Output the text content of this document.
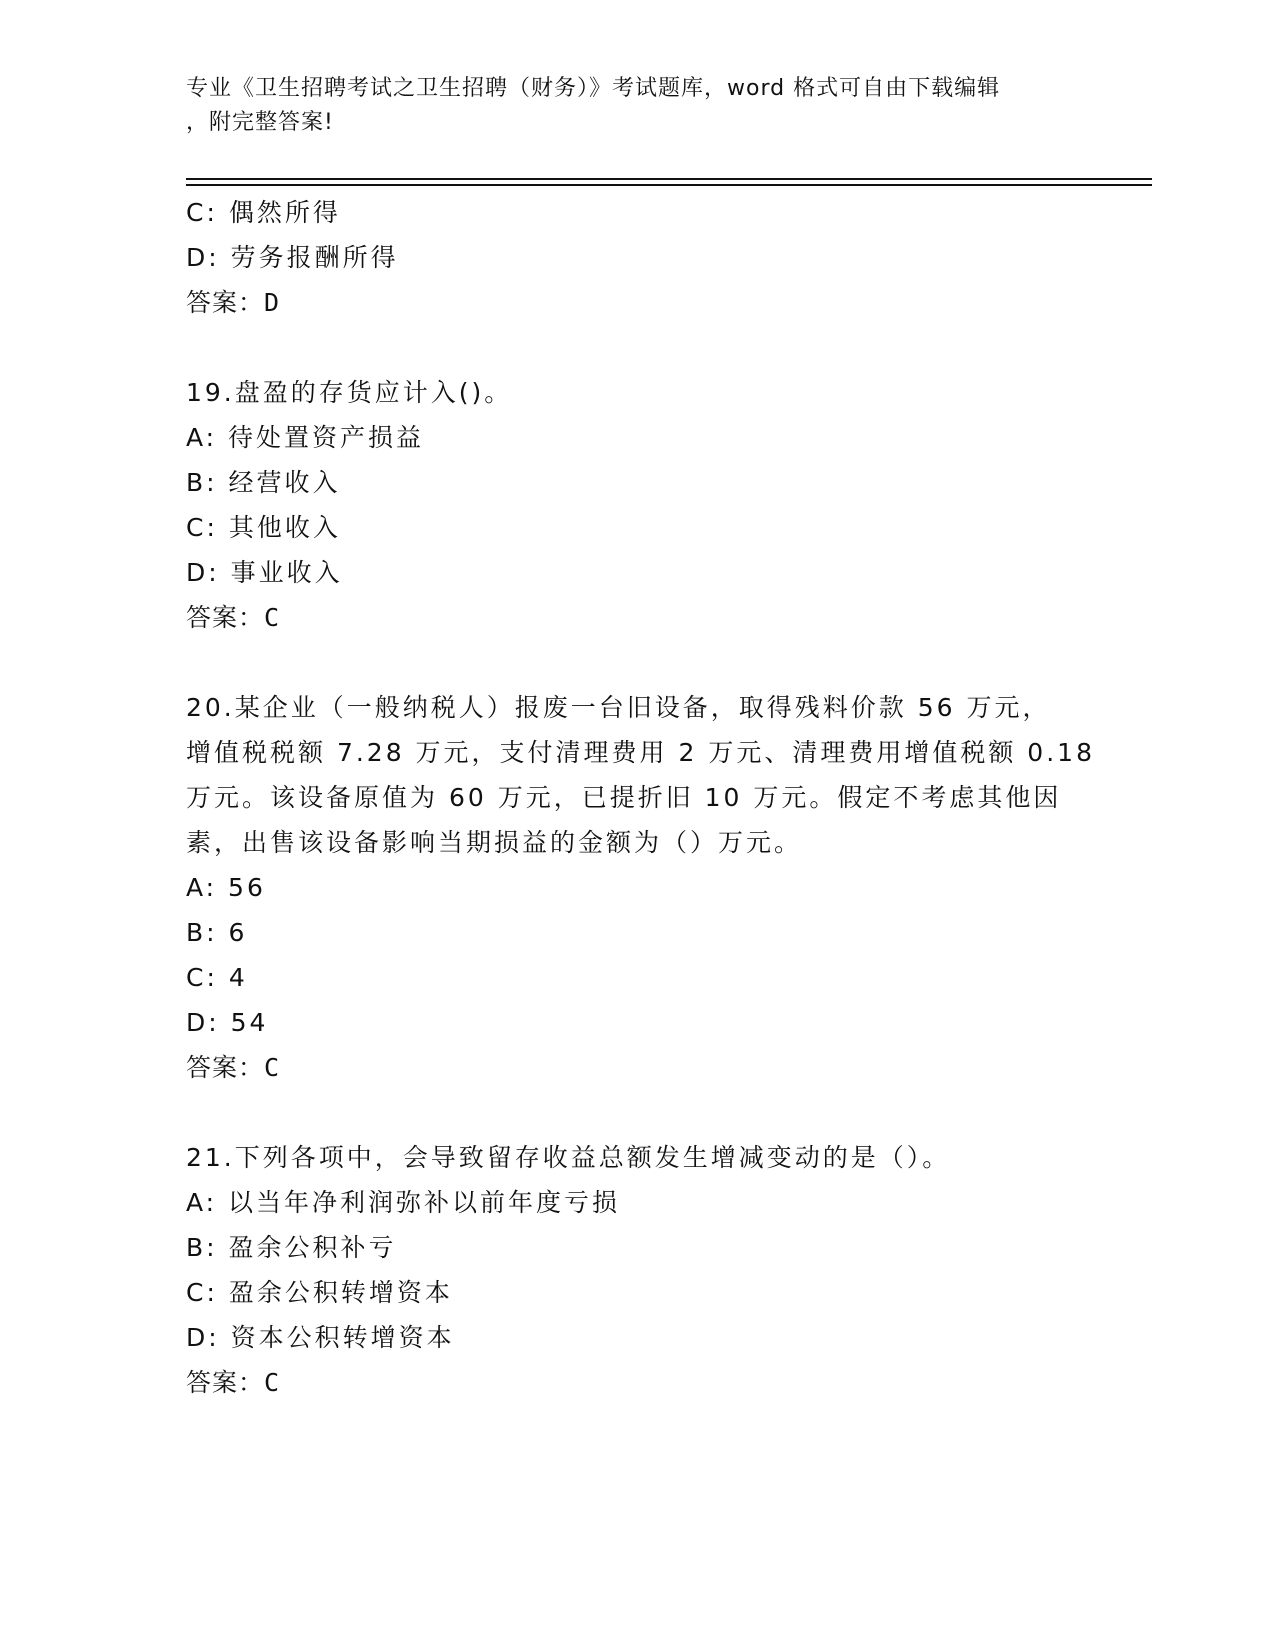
专业《卫生招聘考试之卫生招聘（财务）》考试题库，word 格式可自由下载编辑
，附完整答案!
C: 偶然所得
D: 劳务报酬所得
答案：D
19.盘盈的存货应计入()。
A: 待处置资产损益
B: 经营收入
C: 其他收入
D: 事业收入
答案：C
20.某企业（一般纳税人）报废一台旧设备，取得残料价款 56 万元，
增值税税额 7.28 万元，支付清理费用 2 万元、清理费用增值税额 0.18
万元。该设备原值为 60 万元，已提折旧 10 万元。假定不考虑其他因
素，出售该设备影响当期损益的金额为（）万元。
A: 56
B: 6
C: 4
D: 54
答案：C
21.下列各项中，会导致留存收益总额发生增减变动的是（）。
A: 以当年净利润弥补以前年度亏损
B: 盈余公积补亏
C: 盈余公积转增资本
D: 资本公积转增资本
答案：C
